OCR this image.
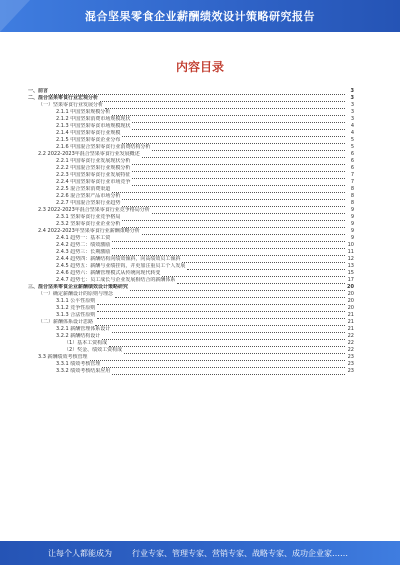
混合坚果零食企业薪酬绩效设计策略研究报告
内容目录
一、前言	3
二、混合坚果零食行业宏观分析	3
（一）坚果零食行业发展分析	3
2.1.1 中国坚果规模分析	3
2.1.2 中国坚果消费市场规模现状	3
2.1.3 中国坚果零食市场规模现状	4
2.1.4 中国坚果零食行业规模	4
2.1.5 中国坚果零食企业分布	5
2.1.6 中国混合坚果零食行业消费结构分析	5
2.2 2022-2023年混合坚果零食行业发展概述	6
2.2.1 中国零食行业发展现状分析	6
2.2.2 中国混合坚果行业规模分析	6
2.2.3 中国坚果零食行业发展特征	7
2.2.4 中国坚果零食行业市场竞争	7
2.2.5 混合坚果消费渠道	8
2.2.6 混合坚果产品市场分析	8
2.2.7 中国混合坚果行业趋势	8
2.3 2022-2023年混合坚果零食行业竞争格局分析	9
2.3.1 坚果零食行业竞争格局	9
2.3.2 坚果零食行业企业分析	9
2.4 2022-2023年坚果零食行业薪酬策略分析	9
2.4.1 趋势一：基本工资	9
2.4.2 趋势二：绩效激励	10
2.4.3 趋势三：长期激励	11
2.4.4 趋势四：薪酬结构向绩效倾斜，向高绩效员工倾斜	12
2.4.5 趋势五：薪酬与业绩挂钩，并更加注重员工个人发展	13
2.4.6 趋势六：薪酬管理模式从传统向现代转变	15
2.4.7 趋势七：员工成长与企业发展相结合的薪酬体系	17
三、混合坚果零食企业薪酬绩效设计策略研究	20
（一）确定薪酬设计的原则与理念	20
3.1.1 公平性原则	20
3.1.2 竞争性原则	20
3.1.3 合法性原则	21
（二）薪酬体系设计思路	21
3.2.1 薪酬管理体系设计	21
3.2.2 薪酬结构设计	22
（1）基本工资构成	22
（2）奖金、绩效工资构成	22
3.3 薪酬绩效考核管理	23
3.3.1 绩效考核管理	23
3.3.2 绩效考核结果应用	23
让每个人都能成为	行业专家、管理专家、营销专家、战略专家、成功企业家……
